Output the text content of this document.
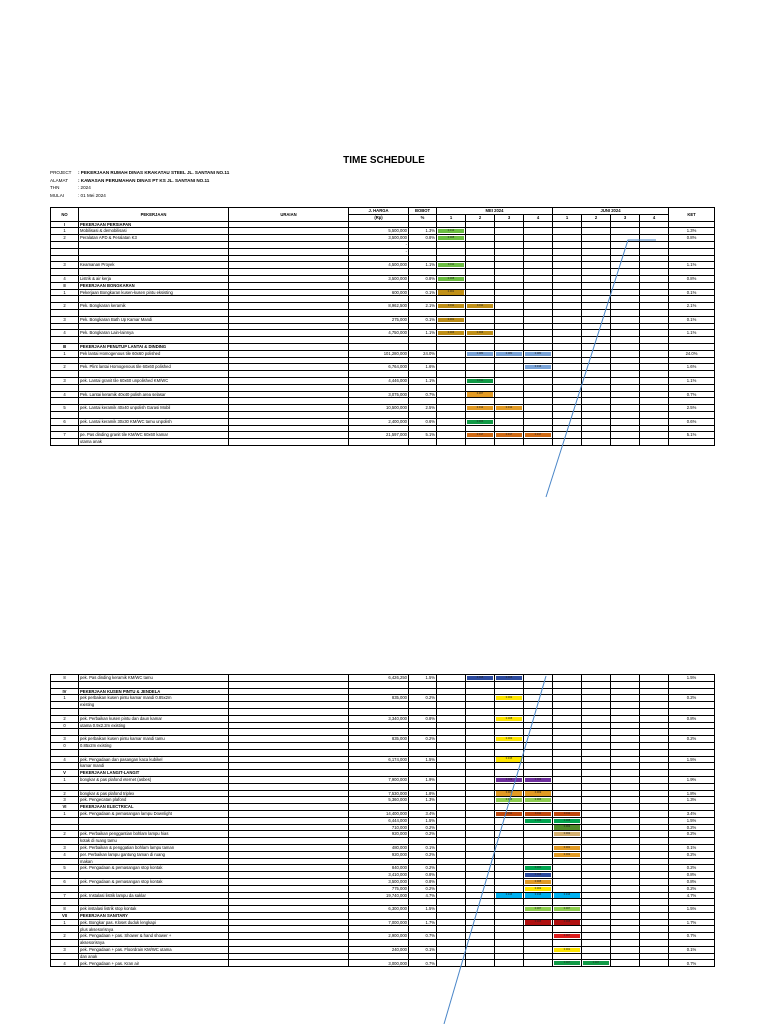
TIME SCHEDULE
PROJECT	: PEKERJAAN RUMAH DINAS KRAKATAU STEEL JL. SANTANI NO.11
ALAMAT	: KAWASAN PERUMAHAN DINAS PT KS JL. SANTANI NO.11
THN	: 2024
MULAI	: 01 Mei 2024
NO	PEKERJAAN	URAIAN	J. HARGA	BOBOT	MEI 2024				JUNI 2024				KET
			(Rp)	%	1	2	3	4	1	2	3	4	
I	PEKERJAAN PERSIAPAN												
1	Mobilisasi & demobilisasi		5,500,000	1.3%	0.013								1.3%
2	Peralatan APD & Peralatan K3		3,500,000	0.8%	0.008								0.8%
			-										
			-										

3	Keamanan Proyek		4,500,000	1.1%	0.011								1.1%

4	Listrik & air kerja		3,500,000	0.8%	0.008								0.8%
II	PEKERJAAN BONGKARAN												
1	Pekerjaan Bongkaran kusen-kusen pintu eksisting		600,000	0.1%	0.001								0.1%

2	Pek. Bongkaran keramik		8,962,500	2.1%	0.011	0.011							2.1%

3	Pek. Bongkaran Bath Up Kamar Mandi		275,000	0.1%	0.001								0.1%

4	Pek. Bongkaran Lain-lainnya		4,750,000	1.1%	0.006	0.006							1.1%

III	PEKERJAAN PENUTUP LANTAI & DINDING												
1	Pek lantai Homogenous tile 60x60 polished		101,280,000	24.0%		0.080	0.080	0.080					24.0%

2	Pek. Plint lantai Homogenous tile 60x60 polished		6,764,000	1.6%				0.016					1.6%

3	pek. Lantai granit tile 60x60 unpolished KM/WC		4,446,000	1.1%		0.011							1.1%

4	Pek. Lantai keramik 40x40 polish area selasar		3,075,000	0.7%		0.007							0.7%

5	pek. Lantai keramik 40x40 unpolish Garasi Mobil		10,500,000	2.5%		0.012	0.012						2.5%

6	pek. Lantai keramik 30x30 KM/WC tamu unpolish		2,400,000	0.6%		0.006							0.6%

7	pe. Pas dinding granit tile KM/WC 60x60 kamar		21,597,000	5.1%		0.017	0.017	0.017					5.1%
	utama anak												
8	pek. Pas dinding keramik KM/WC tamu		6,426,250	1.5%		0.008	0.008						1.5%

IV	PEKERJAAN KUSEN PINTU & JENDELA												
1	pek perbaikan kusen pintu kamar mandi 0.85x2m		835,000	0.2%			0.002						0.2%
	existing												

2	pek. Perbaikan kusen pintu dan daun kamar		3,340,000	0.8%			0.008						0.8%
0	utama 0.9x2.2m existing												

3	pek perbaikan kusen pintu kamar mandi tamu		835,000	0.2%			0.002						0.2%
0	0.85x2m existing												

4	pek. Pengadaan dan pasangan kaca kubikel		6,174,000	1.5%			0.015						1.5%
	kamar mandi												
V	PEKERJAAN LANGIT-LANGIT												
1	bongkar & pas plafond eternet (asbes)		7,900,000	1.9%			0.009	0.009					1.9%

2	bongkar & pas plafond triplex		7,530,000	1.8%			0.009	0.009					1.8%
3	pek. Pengecatan plafond		5,360,000	1.3%			0.006	0.006					1.3%
VI	PEKERJAAN ELECTRICAL												
1	pek. Pengadaan & pemasangan lampu Downlight		14,400,000	3.4%			0.011	0.011	0.011				3.4%
			6,444,000	1.5%				0.008	0.008				1.5%
			710,000	0.2%					0.002				0.2%
2	pek. Perbaikan penggantian bohlam lampu hias		920,000	0.2%					0.002				0.2%
	kotak di ruang tamu												
3	pek. Perbaikan & penggatian bohlam lampu taman		480,000	0.1%					0.001				0.1%
4	per. Perbaikan lampu gantung taman di ruang		920,000	0.2%					0.002				0.2%
	makan												
5	pek. Pengadaan & pemasangan stop kontak		840,000	0.2%				0.002					0.2%
			3,410,000	0.8%				0.008					0.8%
6	pek. Pengadaan & pemasangan stop kontak		3,500,000	0.8%				0.008					0.8%
			775,000	0.2%				0.002					0.2%
7	pek. Instalasi listrik lampu da saklar		19,740,000	4.7%			0.016	0.016	0.016				4.7%

8	pek instalasi listrik stop kontak		6,300,000	1.5%				0.007	0.007				1.5%
VII	PEKERJAAN SANITARY												
1	pek. Bongkar pas. Kloset duduk lengkapi		7,000,000	1.7%				0.008	0.008				1.7%
	plus aksesorisnya												
2	pek. Pengadaan + pas. Shower & hand shower +		2,900,000	0.7%					0.007				0.7%
	aksesorisnya												
3	pek. Pengadaan + pas. Floordrain KM/WC utama		240,000	0.1%					0.001				0.1%
	dan anak												
4	pek. Pengadaan + pas. Kran air		3,000,000	0.7%					0.007	0.007			0.7%
